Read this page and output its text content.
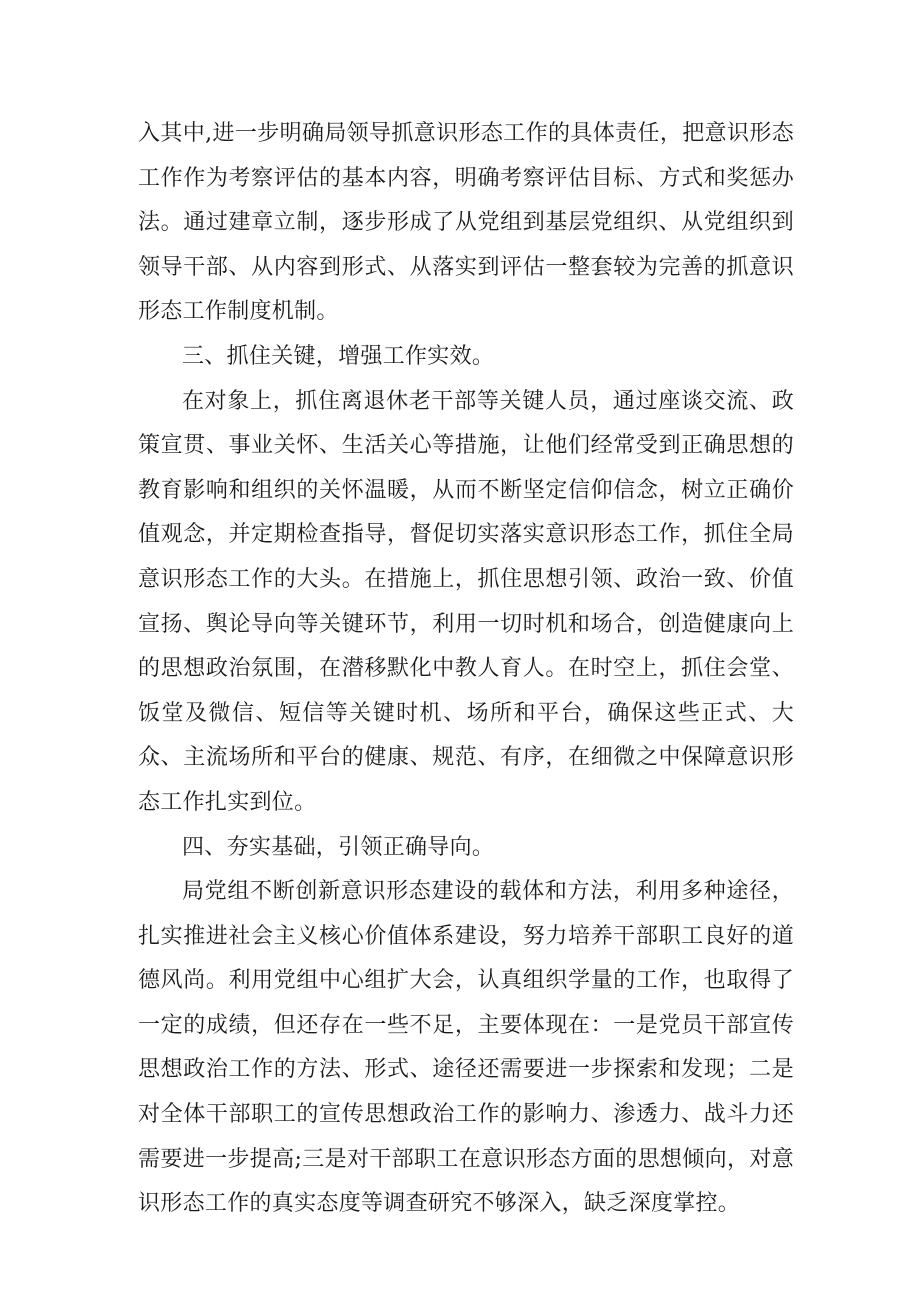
入其中,进一步明确局领导抓意识形态工作的具体责任，把意识形态工作作为考察评估的基本内容，明确考察评估目标、方式和奖惩办法。通过建章立制，逐步形成了从党组到基层党组织、从党组织到领导干部、从内容到形式、从落实到评估一整套较为完善的抓意识形态工作制度机制。

三、抓住关键，增强工作实效。

在对象上，抓住离退休老干部等关键人员，通过座谈交流、政策宣贯、事业关怀、生活关心等措施，让他们经常受到正确思想的教育影响和组织的关怀温暖，从而不断坚定信仰信念，树立正确价值观念，并定期检查指导，督促切实落实意识形态工作，抓住全局意识形态工作的大头。在措施上，抓住思想引领、政治一致、价值宣扬、舆论导向等关键环节，利用一切时机和场合，创造健康向上的思想政治氛围，在潜移默化中教人育人。在时空上，抓住会堂、饭堂及微信、短信等关键时机、场所和平台，确保这些正式、大众、主流场所和平台的健康、规范、有序，在细微之中保障意识形态工作扎实到位。

四、夯实基础，引领正确导向。

局党组不断创新意识形态建设的载体和方法，利用多种途径，扎实推进社会主义核心价值体系建设，努力培养干部职工良好的道德风尚。利用党组中心组扩大会，认真组织学量的工作，也取得了一定的成绩，但还存在一些不足，主要体现在：一是党员干部宣传思想政治工作的方法、形式、途径还需要进一步探索和发现；二是对全体干部职工的宣传思想政治工作的影响力、渗透力、战斗力还需要进一步提高;三是对干部职工在意识形态方面的思想倾向，对意识形态工作的真实态度等调查研究不够深入，缺乏深度掌控。
